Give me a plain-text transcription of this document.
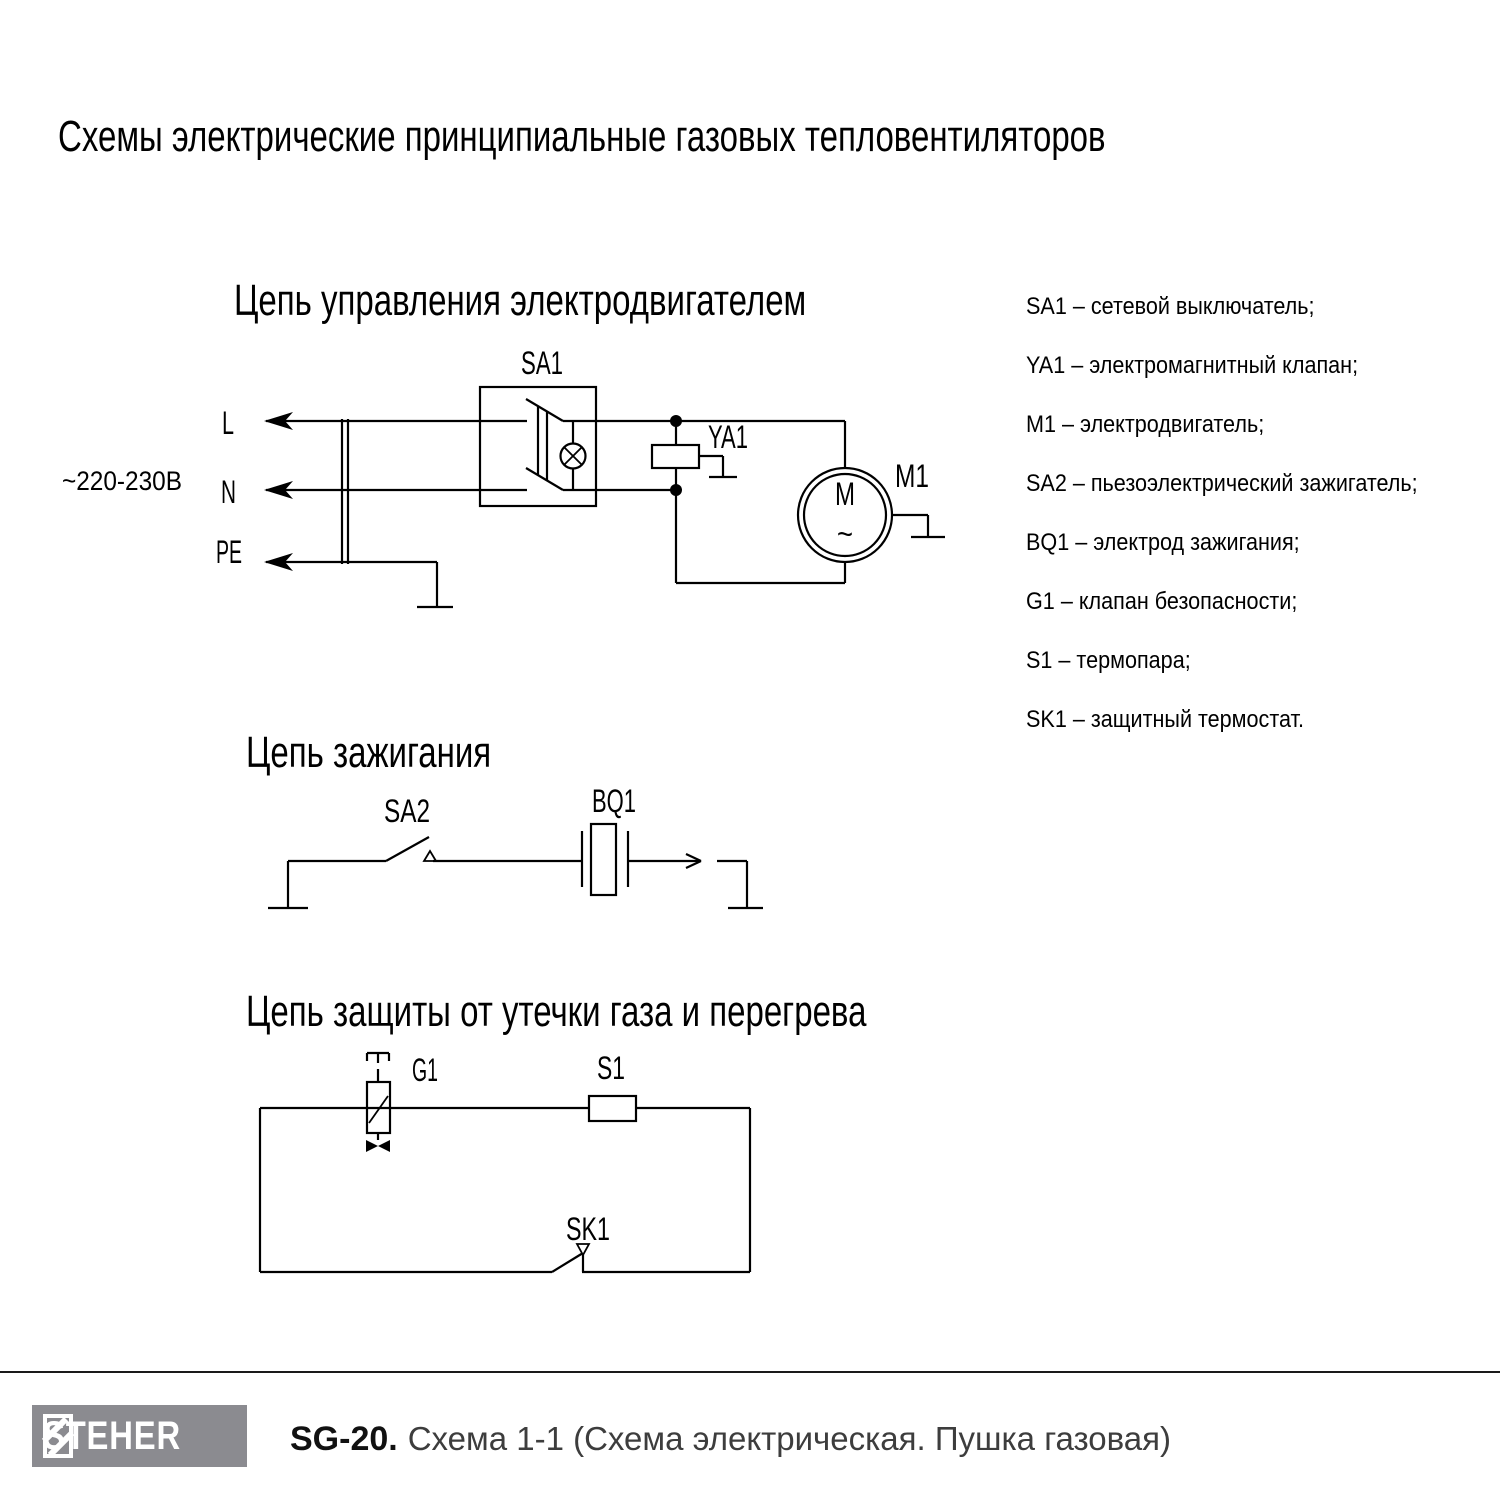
Схемы электрические принципиальные газовых тепловентиляторов
Цепь управления электродвигателем
M
~
~220-230В
L
N
PE
SA1
YA1
M1
SA1 – сетевой выключатель;
YA1 – электромагнитный клапан;
M1 – электродвигатель;
SA2 – пьезоэлектрический зажигатель;
BQ1 – электрод зажигания;
G1 – клапан безопасности;
S1 – термопара;
SK1 – защитный термостат.
Цепь зажигания
SA2	BQ1
Цепь защиты от утечки газа и перегрева
G1	S1
SK1
STEHER	SG-20. Схема 1-1 (Схема электрическая. Пушка газовая)
